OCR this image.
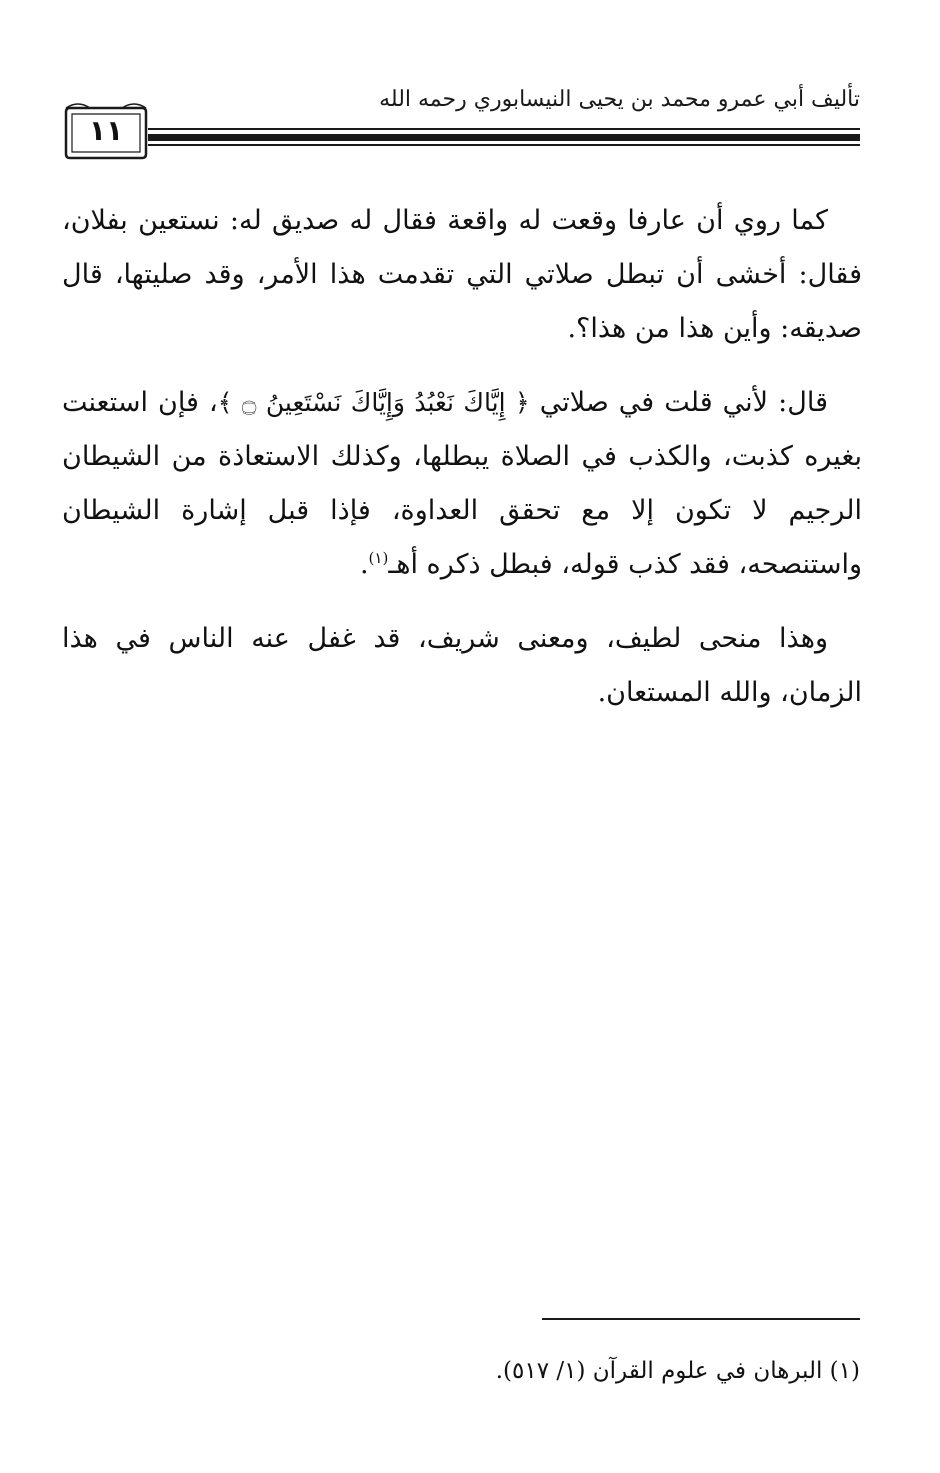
تأليف أبي عمرو محمد بن يحيى النيسابوري رحمه الله
١١

كما روي أن عارفا وقعت له واقعة فقال له صديق له: نستعين بفلان، فقال: أخشى أن تبطل صلاتي التي تقدمت هذا الأمر، وقد صليتها، قال صديقه: وأين هذا من هذا؟.

قال: لأني قلت في صلاتي ﴿ إِيَّاكَ نَعْبُدُ وَإِيَّاكَ نَسْتَعِينُ ۝ ﴾، فإن استعنت بغيره كذبت، والكذب في الصلاة يبطلها، وكذلك الاستعاذة من الشيطان الرجيم لا تكون إلا مع تحقق العداوة، فإذا قبل إشارة الشيطان واستنصحه، فقد كذب قوله، فبطل ذكره أهـ$^{(١)}$.

وهذا منحى لطيف، ومعنى شريف، قد غفل عنه الناس في هذا الزمان، والله المستعان.

(١) البرهان في علوم القرآن (١/ ٥١٧).
